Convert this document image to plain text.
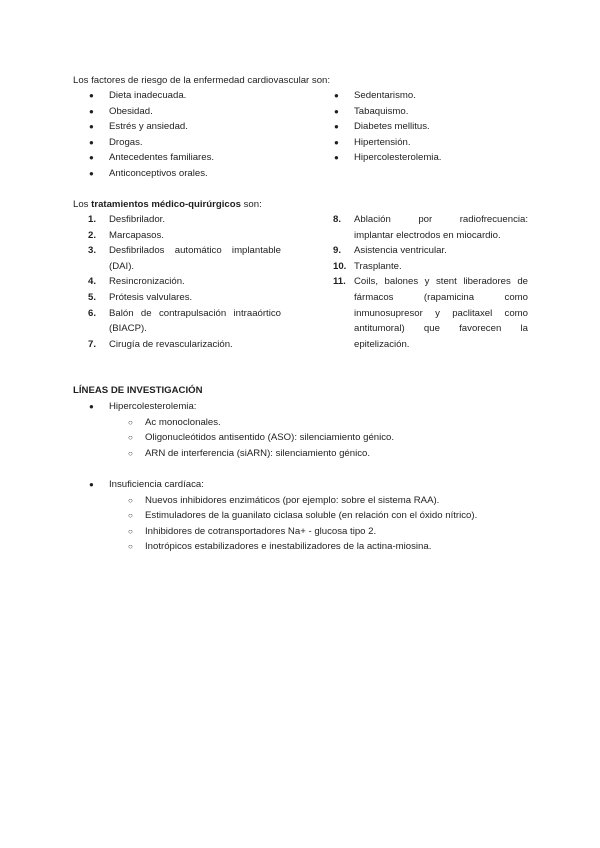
Los factores de riesgo de la enfermedad cardiovascular son:
● Dieta inadecuada.
● Obesidad.
● Estrés y ansiedad.
● Drogas.
● Antecedentes familiares.
● Anticonceptivos orales.
● Sedentarismo.
● Tabaquismo.
● Diabetes mellitus.
● Hipertensión.
● Hipercolesterolemia.
Los tratamientos médico-quirúrgicos son:
1.	Desfibrilador.
2.	Marcapasos.
3.	Desfibrilados automático implantable
(DAI).
4.	Resincronización.
5.	Prótesis valvulares.
6.	Balón de contrapulsación intraaórtico
(BIACP).
7.	Cirugía de revascularización.
8.	Ablación por radiofrecuencia:
implantar electrodos en miocardio.
9.	Asistencia ventricular.
10. Trasplante.
11. Coils, balones y stent liberadores de
fármacos (rapamicina como
inmunosupresor y paclitaxel como
antitumoral) que favorecen la
epitelización.
LÍNEAS DE INVESTIGACIÓN
● Hipercolesterolemia:
○ Ac monoclonales.
○ Oligonucleótidos antisentido (ASO): silenciamiento génico.
○ ARN de interferencia (siARN): silenciamiento génico.
● Insuficiencia cardíaca:
○ Nuevos inhibidores enzimáticos (por ejemplo: sobre el sistema RAA).
○ Estimuladores de la guanilato ciclasa soluble (en relación con el óxido nítrico).
○ Inhibidores de cotransportadores Na+ - glucosa tipo 2.
○ Inotrópicos estabilizadores e inestabilizadores de la actina-miosina.
